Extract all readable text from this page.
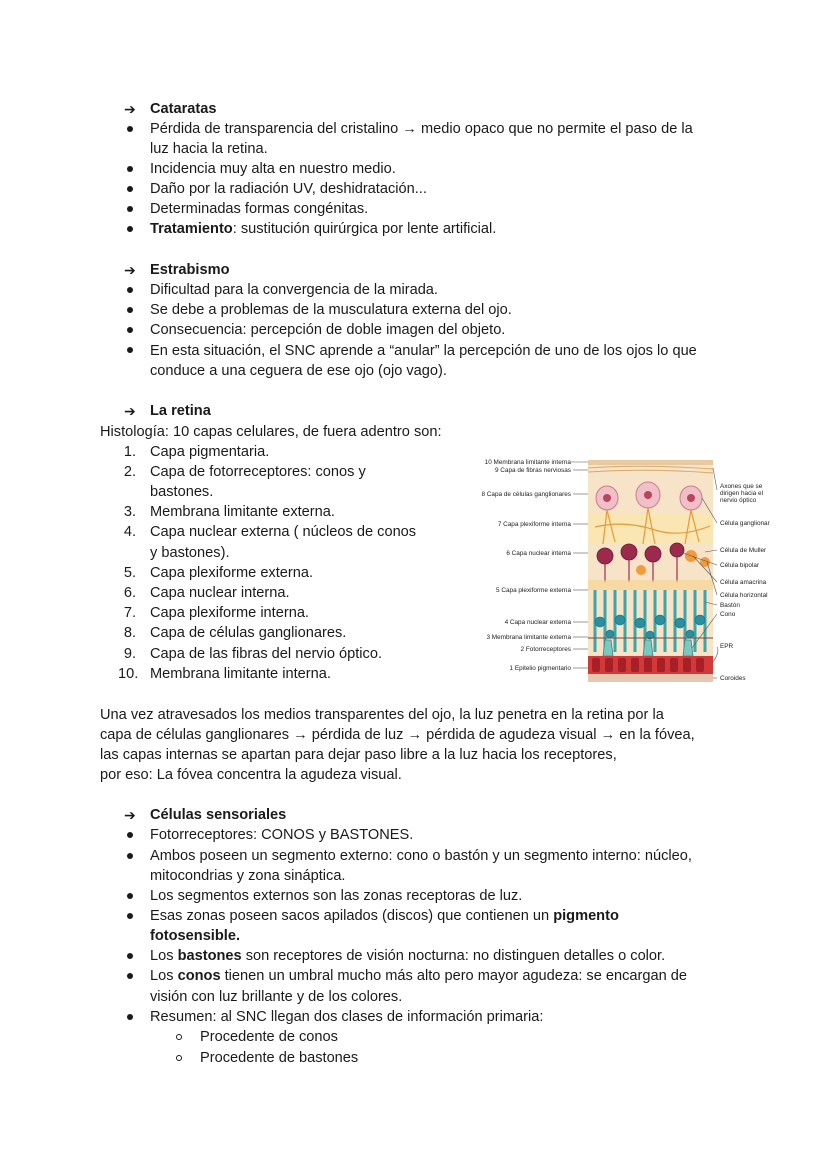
➔ Cataratas
Pérdida de transparencia del cristalino → medio opaco que no permite el paso de la
luz hacia la retina.
Incidencia muy alta en nuestro medio.
Daño por la radiación UV, deshidratación...
Determinadas formas congénitas.
Tratamiento: sustitución quirúrgica por lente artificial.
➔ Estrabismo
Dificultad para la convergencia de la mirada.
Se debe a problemas de la musculatura externa del ojo.
Consecuencia: percepción de doble imagen del objeto.
En esta situación, el SNC aprende a “anular” la percepción de uno de los ojos lo que
conduce a una ceguera de ese ojo (ojo vago).
➔ La retina
Histología: 10 capas celulares, de fuera adentro son:
1. Capa pigmentaria.
2. Capa de fotorreceptores: conos y
bastones.
3. Membrana limitante externa.
4. Capa nuclear externa ( núcleos de conos
y bastones).
5. Capa plexiforme externa.
6. Capa nuclear interna.
7. Capa plexiforme interna.
8. Capa de células ganglionares.
9. Capa de las fibras del nervio óptico.
10. Membrana limitante interna.
10 Membrana limitante interna
9 Capa de fibras nerviosas
8 Capa de células ganglionares
7 Capa plexiforme interna
6 Capa nuclear interna
5 Capa plexiforme externa
4 Capa nuclear externa
3 Membrana limitante externa
2 Fotorreceptores
1 Epitelio pigmentario
Axones que se
dirigen hacia el
nervio óptico
Célula ganglionar
Célula de Muller
Célula bipolar
Célula amacrina
Célula horizontal
Bastón
Cono
EPR
Coroides
Una vez atravesados los medios transparentes del ojo, la luz penetra en la retina por la
capa de células ganglionares → pérdida de luz → pérdida de agudeza visual → en la fóvea,
las capas internas se apartan para dejar paso libre a la luz hacia los receptores,
por eso: La fóvea concentra la agudeza visual.
➔ Células sensoriales
Fotorreceptores: CONOS y BASTONES.
Ambos poseen un segmento externo: cono o bastón y un segmento interno: núcleo,
mitocondrias y zona sináptica.
Los segmentos externos son las zonas receptoras de luz.
Esas zonas poseen sacos apilados (discos) que contienen un pigmento
fotosensible.
Los bastones son receptores de visión nocturna: no distinguen detalles o color.
Los conos tienen un umbral mucho más alto pero mayor agudeza: se encargan de
visión con luz brillante y de los colores.
Resumen: al SNC llegan dos clases de información primaria:
Procedente de conos
Procedente de bastones
